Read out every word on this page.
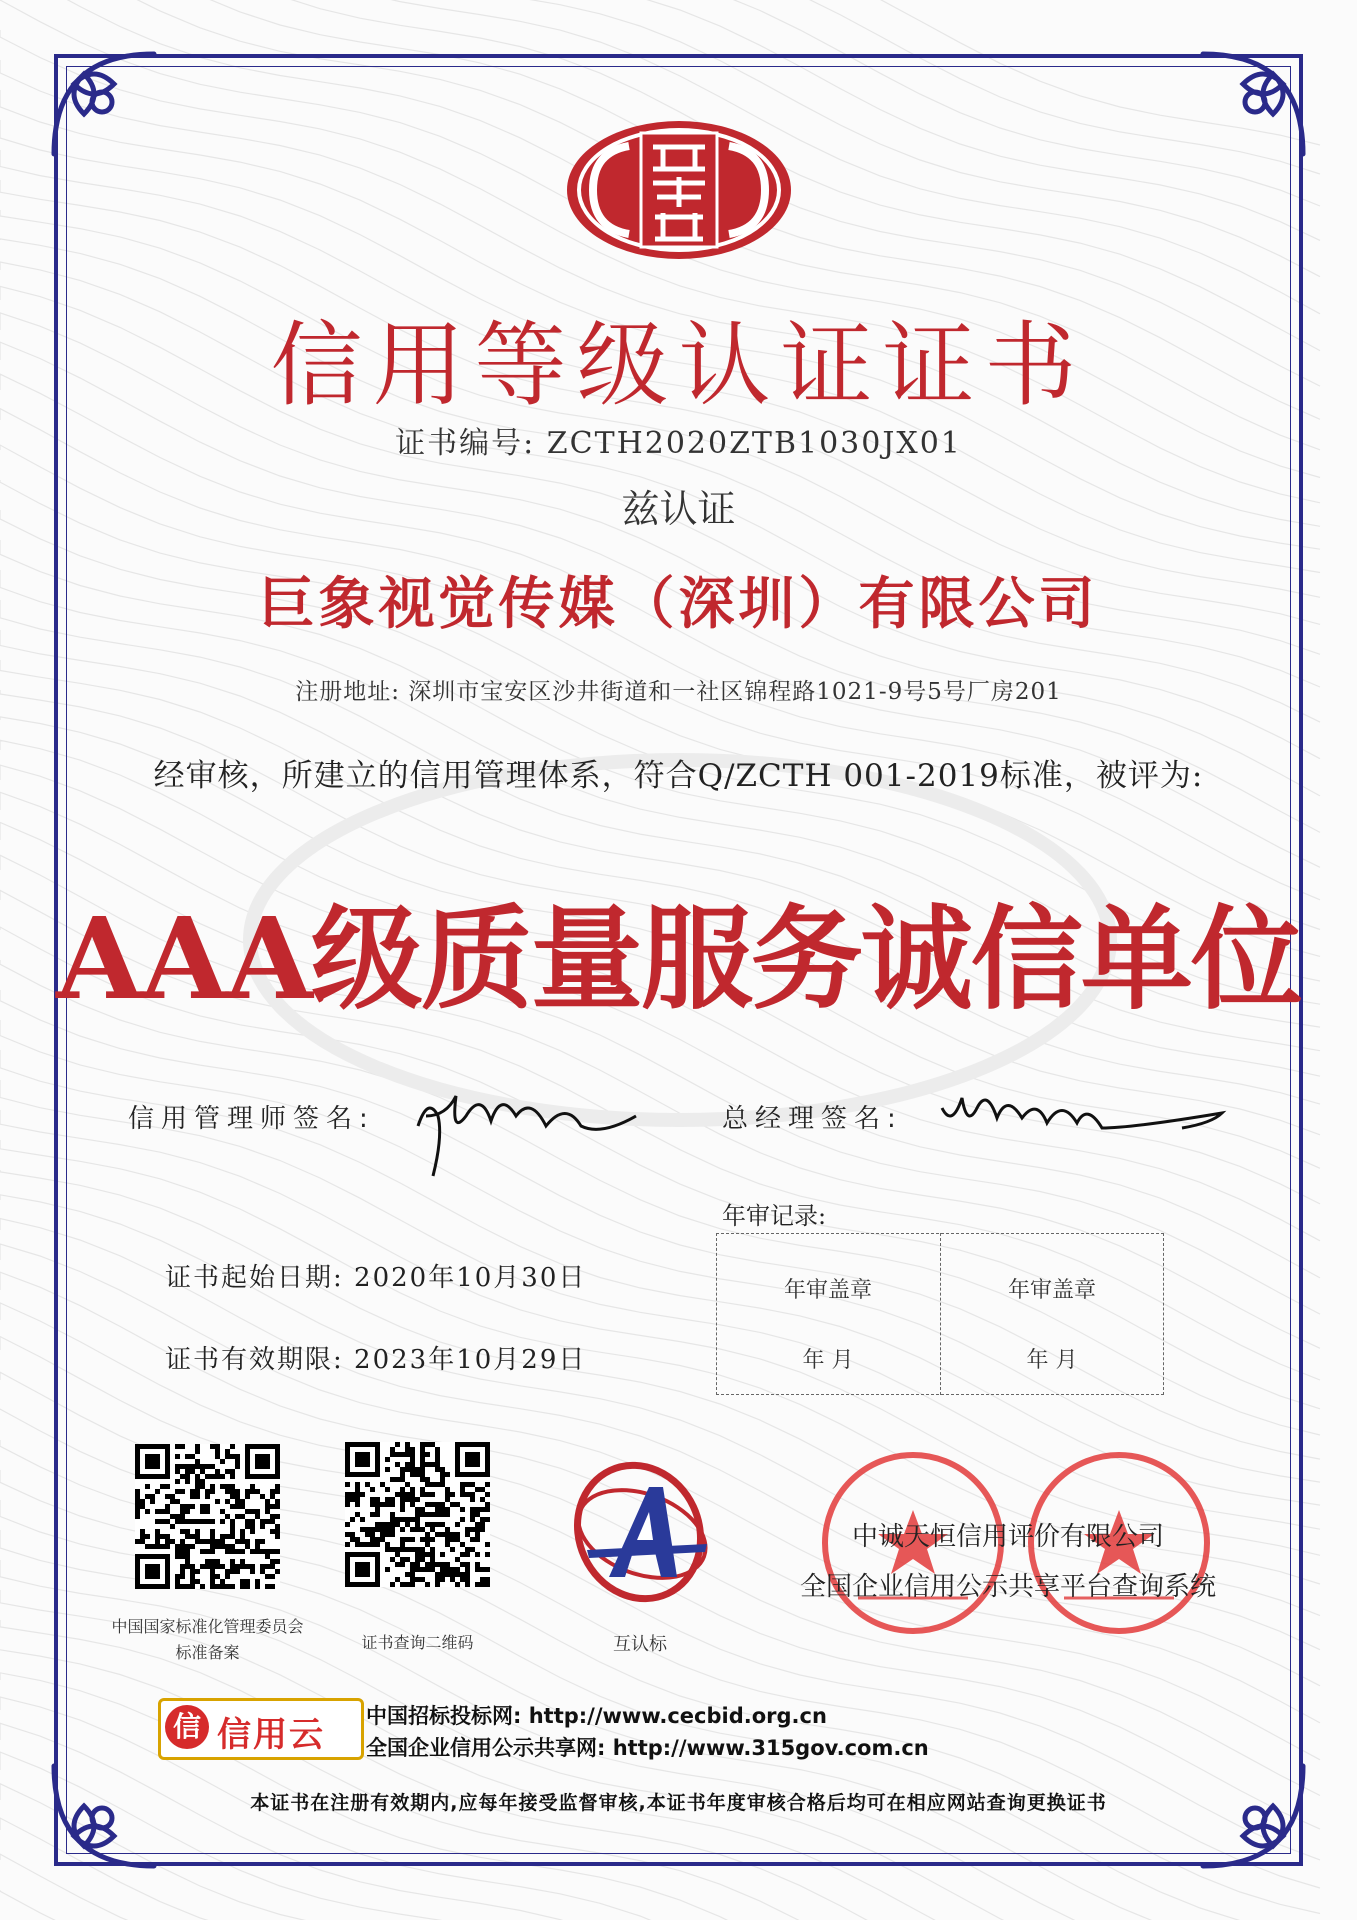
信用等级认证证书
证书编号: ZCTH2020ZTB1030JX01
兹认证
巨象视觉传媒（深圳）有限公司
注册地址: 深圳市宝安区沙井街道和一社区锦程路1021-9号5号厂房201
经审核，所建立的信用管理体系，符合Q/ZCTH 001-2019标准，被评为:
AAA级质量服务诚信单位
信用管理师签名:	总经理签名:
证书起始日期: 2020年10月30日
证书有效期限: 2023年10月29日
年审记录:
年审盖章
年 月
年审盖章
年 月
中国国家标准化管理委员会标准备案
证书查询二维码	互认标
中诚天恒信用评价有限公司
全国企业信用公示共享平台查询系统
信 信用云 中国招标投标网: http://www.cecbid.org.cn
全国企业信用公示共享网: http://www.315gov.com.cn
本证书在注册有效期内,应每年接受监督审核,本证书年度审核合格后均可在相应网站查询更换证书
